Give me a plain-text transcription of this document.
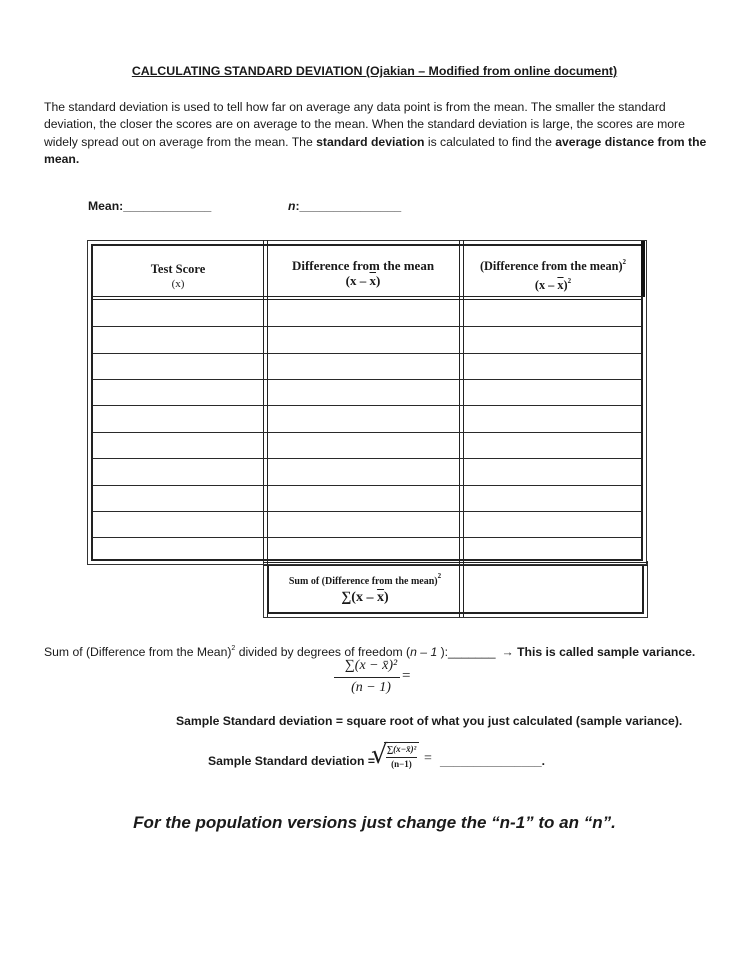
CALCULATING STANDARD DEVIATION (Ojakian – Modified from online document)
The standard deviation is used to tell how far on average any data point is from the mean. The smaller the standard deviation, the closer the scores are on average to the mean. When the standard deviation is large, the scores are more widely spread out on average from the mean. The standard deviation is calculated to find the average distance from the mean.
Mean:_____________	n:_______________
Test Score
(x)
Difference from the mean
$(x - \overline{x})$
(Difference from the mean)$^2$
$(x - \overline{x})^2$
Sum of (Difference from the mean)$^2$
$\sum(x - \overline{x})$
Sum of (Difference from the Mean)$^2$ divided by degrees of freedom (n – 1 ):_______ → This is called sample variance.
∑(x − x̄)²
(n − 1)
=
Sample Standard deviation = square root of what you just calculated (sample variance).
Sample Standard deviation =
√ ∑(x−x̄)²
(n−1) = _______________.
For the population versions just change the “n-1” to an “n”.
